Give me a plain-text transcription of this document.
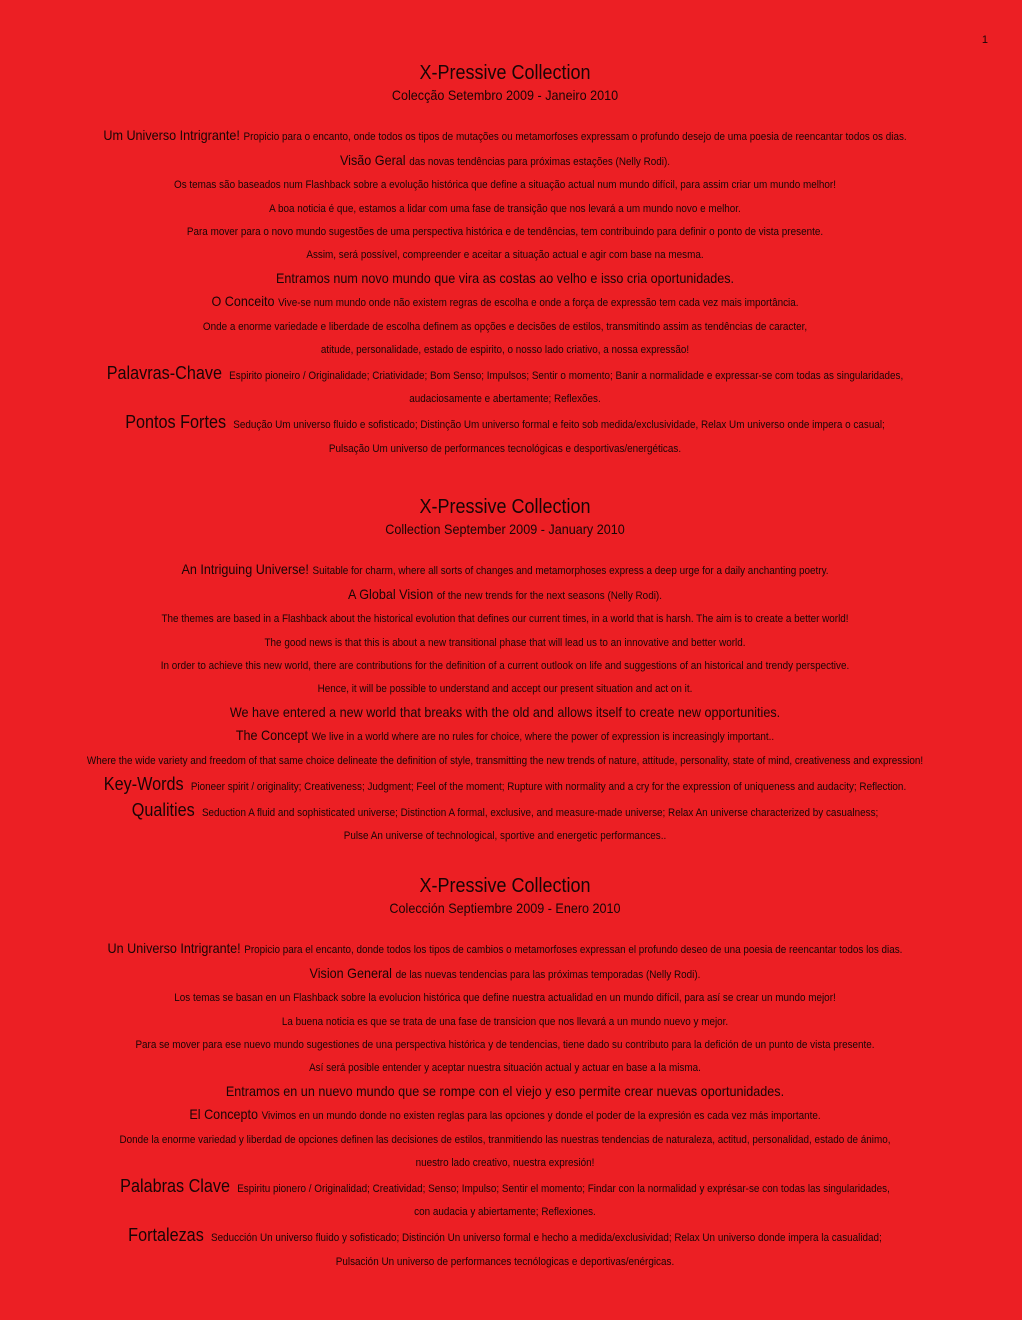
1
X-Pressive Collection
Colecção Setembro 2009 - Janeiro 2010

Um Universo Intrigrante! Propicio para o encanto, onde todos os tipos de mutações ou metamorfoses expressam o profundo desejo de uma poesia de reencantar todos os dias.

Visão Geral das novas tendências para próximas estações (Nelly Rodi).

Os temas são baseados num Flashback sobre a evolução histórica que define a situação actual num mundo difícil, para assim criar um mundo melhor!

A boa noticia é que, estamos a lidar com uma fase de transição que nos levará a um mundo novo e melhor.

Para mover para o novo mundo sugestões de uma perspectiva histórica e de tendências, tem contribuindo para definir o ponto de vista presente.

Assim, será possível, compreender e aceitar a situação actual e agir com base na mesma.

Entramos num novo mundo que vira as costas ao velho e isso cria oportunidades.

O Conceito Vive-se num mundo onde não existem regras de escolha e onde a força de expressão tem cada vez mais importância.

Onde a enorme variedade e liberdade de escolha definem as opções e decisões de estilos, transmitindo assim as tendências de caracter,

atitude, personalidade, estado de espirito, o nosso lado criativo, a nossa expressão!

Palavras-Chave Espirito pioneiro / Originalidade; Criatividade; Bom Senso; Impulsos; Sentir o momento; Banir a normalidade e expressar-se com todas as singularidades,

audaciosamente e abertamente; Reflexões.

Pontos Fortes Sedução Um universo fluido e sofisticado; Distinção Um universo formal e feito sob medida/exclusividade, Relax Um universo onde impera o casual;

Pulsação Um universo de performances tecnológicas e desportivas/energéticas.

X-Pressive Collection
Collection September 2009 - January 2010

An Intriguing Universe! Suitable for charm, where all sorts of changes and metamorphoses express a deep urge for a daily anchanting poetry.

A Global Vision of the new trends for the next seasons (Nelly Rodi).

The themes are based in a Flashback about the historical evolution that defines our current times, in a world that is harsh. The aim is to create a better world!

The good news is that this is about a new transitional phase that will lead us to an innovative and better world.

In order to achieve this new world, there are contributions for the definition of a current outlook on life and suggestions of an historical and trendy perspective.

Hence, it will be possible to understand and accept our present situation and act on it.

We have entered a new world that breaks with the old and allows itself to create new opportunities.

The Concept We live in a world where are no rules for choice, where the power of expression is increasingly important..

Where the wide variety and freedom of that same choice delineate the definition of style, transmitting the new trends of nature, attitude, personality, state of mind, creativeness and expression!

Key-Words Pioneer spirit / originality; Creativeness; Judgment; Feel of the moment; Rupture with normality and a cry for the expression of uniqueness and audacity; Reflection.

Qualities Seduction A fluid and sophisticated universe; Distinction A formal, exclusive, and measure-made universe; Relax An universe characterized by casualness;

Pulse An universe of technological, sportive and energetic performances..

X-Pressive Collection
Colección Septiembre 2009 - Enero 2010

Un Universo Intrigrante! Propicio para el encanto, donde todos los tipos de cambios o metamorfoses expressan el profundo deseo de una poesia de reencantar todos los dias.

Vision General de las nuevas tendencias para las próximas temporadas (Nelly Rodi).

Los temas se basan en un Flashback sobre la evolucion histórica que define nuestra actualidad en un mundo difícil, para así se crear un mundo mejor!

La buena noticia es que se trata de una fase de transicion que nos llevará a un mundo nuevo y mejor.

Para se mover para ese nuevo mundo sugestiones de una perspectiva histórica y de tendencias, tiene dado su contributo para la defición de un punto de vista presente.

Así será posible entender y aceptar nuestra situación actual y actuar en base a la misma.

Entramos en un nuevo mundo que se rompe con el viejo y eso permite crear nuevas oportunidades.

El Concepto Vivimos en un mundo donde no existen reglas para las opciones y donde el poder de la expresión es cada vez más importante.

Donde la enorme variedad y liberdad de opciones definen las decisiones de estilos, tranmitiendo las nuestras tendencias de naturaleza, actitud, personalidad, estado de ánimo,

nuestro lado creativo, nuestra expresión!

Palabras Clave Espiritu pionero / Originalidad; Creatividad; Senso; Impulso; Sentir el momento; Findar con la normalidad y exprésar-se con todas las singularidades,

con audacia y abiertamente; Reflexiones.

Fortalezas Seducción Un universo fluido y sofisticado; Distinción Un universo formal e hecho a medida/exclusividad; Relax Un universo donde impera la casualidad;

Pulsación Un universo de performances tecnólogicas e deportivas/enérgicas.
